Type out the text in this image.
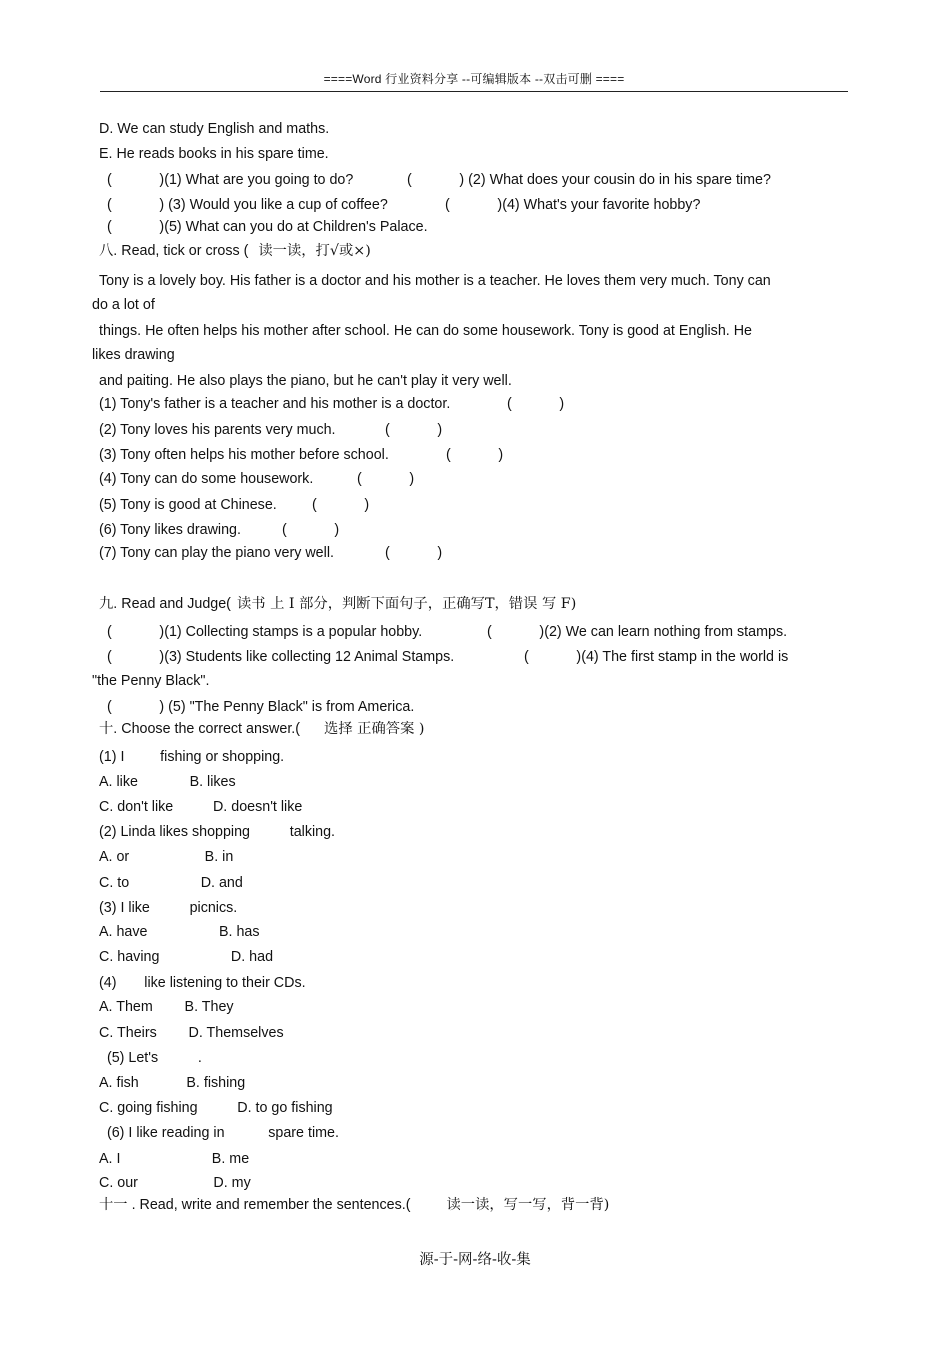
====Word 行业资料分享 --可编辑版本 --双击可删 ====
D. We can study English and maths.
E. He reads books in his spare time.
(            )(1) What are you going to do?	(            ) (2) What does your cousin do in his spare time?
(            ) (3) Would you like a cup of coffee?	(            )(4) What's your favorite hobby?
(            )(5) What can you do at Children's Palace.
八. Read, tick or cross ( 读一读，打√或×)
Tony is a lovely boy. His father is a doctor and his mother is a teacher. He loves them very much. Tony can
do a lot of
things. He often helps his mother after school. He can do some housework. Tony is good at English. He
likes drawing
and paiting. He also plays the piano, but he can't play it very well.
(1) Tony's father is a teacher and his mother is a doctor.	(            )
(2) Tony loves his parents very much.	(            )
(3) Tony often helps his mother before school.	(            )
(4) Tony can do some housework.	(            )
(5) Tony is good at Chinese. (            )
(6) Tony likes drawing.	(            )
(7) Tony can play the piano very well.	(            )
九. Read and Judge( 读书 上 I 部分，判断下面句子，正确写T，错误 写 F)
(            )(1) Collecting stamps is a popular hobby.	(            )(2) We can learn nothing from stamps.
(            )(3) Students like collecting 12 Animal Stamps.	(            )(4) The first stamp in the world is
"the Penny Black".
(            ) (5) "The Penny Black" is from America.
十. Choose the correct answer.( 选择 正确答案 )
(1) I         fishing or shopping.
A. like             B. likes
C. don't like          D. doesn't like
(2) Linda likes shopping          talking.
A. or                   B. in
C. to                  D. and
(3) I like          picnics.
A. have                  B. has
C. having                  D. had
(4)       like listening to their CDs.
A. Them        B. They
C. Theirs        D. Themselves
(5) Let's          .
A. fish            B. fishing
C. going fishing          D. to go fishing
(6) I like reading in           spare time.
A. I                       B. me
C. our                   D. my
十一 . Read, write and remember the sentences.(	读一读，写一写，背一背)
源-于-网-络-收-集
